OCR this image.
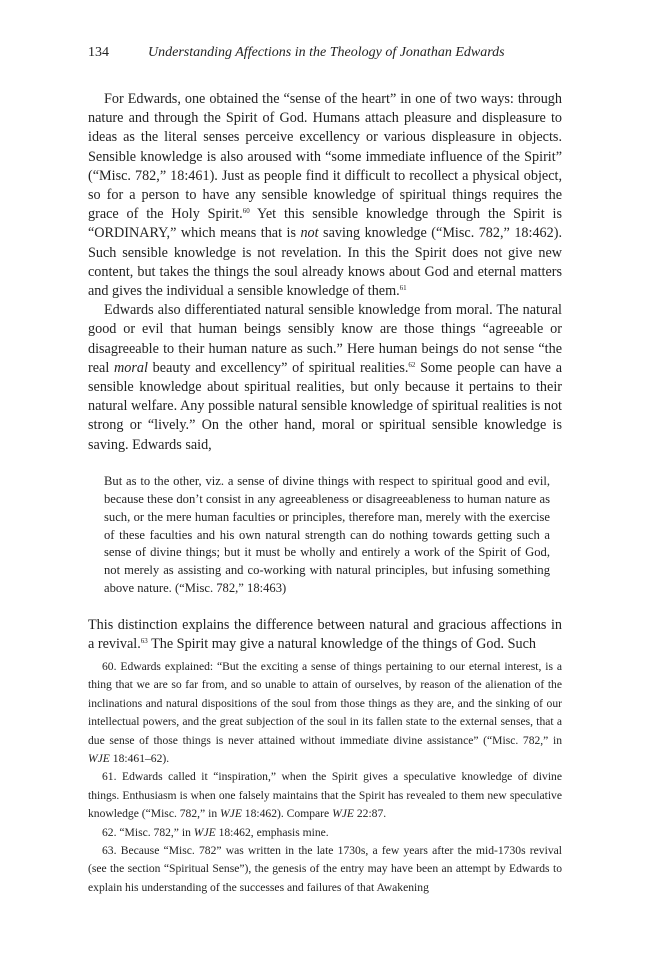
134	Understanding Affections in the Theology of Jonathan Edwards

For Edwards, one obtained the “sense of the heart” in one of two ways: through nature and through the Spirit of God. Humans attach pleasure and displeasure to ideas as the literal senses perceive excellency or various displeasure in objects. Sensible knowledge is also aroused with “some immediate influence of the Spirit” (“Misc. 782,” 18:461). Just as people find it difficult to recollect a physical object, so for a person to have any sensible knowledge of spiritual things requires the grace of the Holy Spirit.$^{60}$ Yet this sensible knowledge through the Spirit is “ORDINARY,” which means that is not saving knowledge (“Misc. 782,” 18:462). Such sensible knowledge is not revelation. In this the Spirit does not give new content, but takes the things the soul already knows about God and eternal matters and gives the individual a sensible knowledge of them.$^{61}$

Edwards also differentiated natural sensible knowledge from moral. The natural good or evil that human beings sensibly know are those things “agreeable or disagreeable to their human nature as such.” Here human beings do not sense “the real moral beauty and excellency” of spiritual realities.$^{62}$ Some people can have a sensible knowledge about spiritual realities, but only because it pertains to their natural welfare. Any possible natural sensible knowledge of spiritual realities is not strong or “lively.” On the other hand, moral or spiritual sensible knowledge is saving. Edwards said,

But as to the other, viz. a sense of divine things with respect to spiritual good and evil, because these don’t consist in any agreeableness or disagreeableness to human nature as such, or the mere human faculties or principles, therefore man, merely with the exercise of these faculties and his own natural strength can do nothing towards getting such a sense of divine things; but it must be wholly and entirely a work of the Spirit of God, not merely as assisting and co-working with natural principles, but infusing something above nature. (“Misc. 782,” 18:463)

This distinction explains the difference between natural and gracious affections in a revival.$^{63}$ The Spirit may give a natural knowledge of the things of God. Such

60. Edwards explained: “But the exciting a sense of things pertaining to our eternal interest, is a thing that we are so far from, and so unable to attain of ourselves, by reason of the alienation of the inclinations and natural dispositions of the soul from those things as they are, and the sinking of our intellectual powers, and the great subjection of the soul in its fallen state to the external senses, that a due sense of those things is never attained without immediate divine assistance” (“Misc. 782,” in WJE 18:461–62).

61. Edwards called it “inspiration,” when the Spirit gives a speculative knowledge of divine things. Enthusiasm is when one falsely maintains that the Spirit has revealed to them new speculative knowledge (“Misc. 782,” in WJE 18:462). Compare WJE 22:87.

62. “Misc. 782,” in WJE 18:462, emphasis mine.

63. Because “Misc. 782” was written in the late 1730s, a few years after the mid-1730s revival (see the section “Spiritual Sense”), the genesis of the entry may have been an attempt by Edwards to explain his understanding of the successes and failures of that Awakening
